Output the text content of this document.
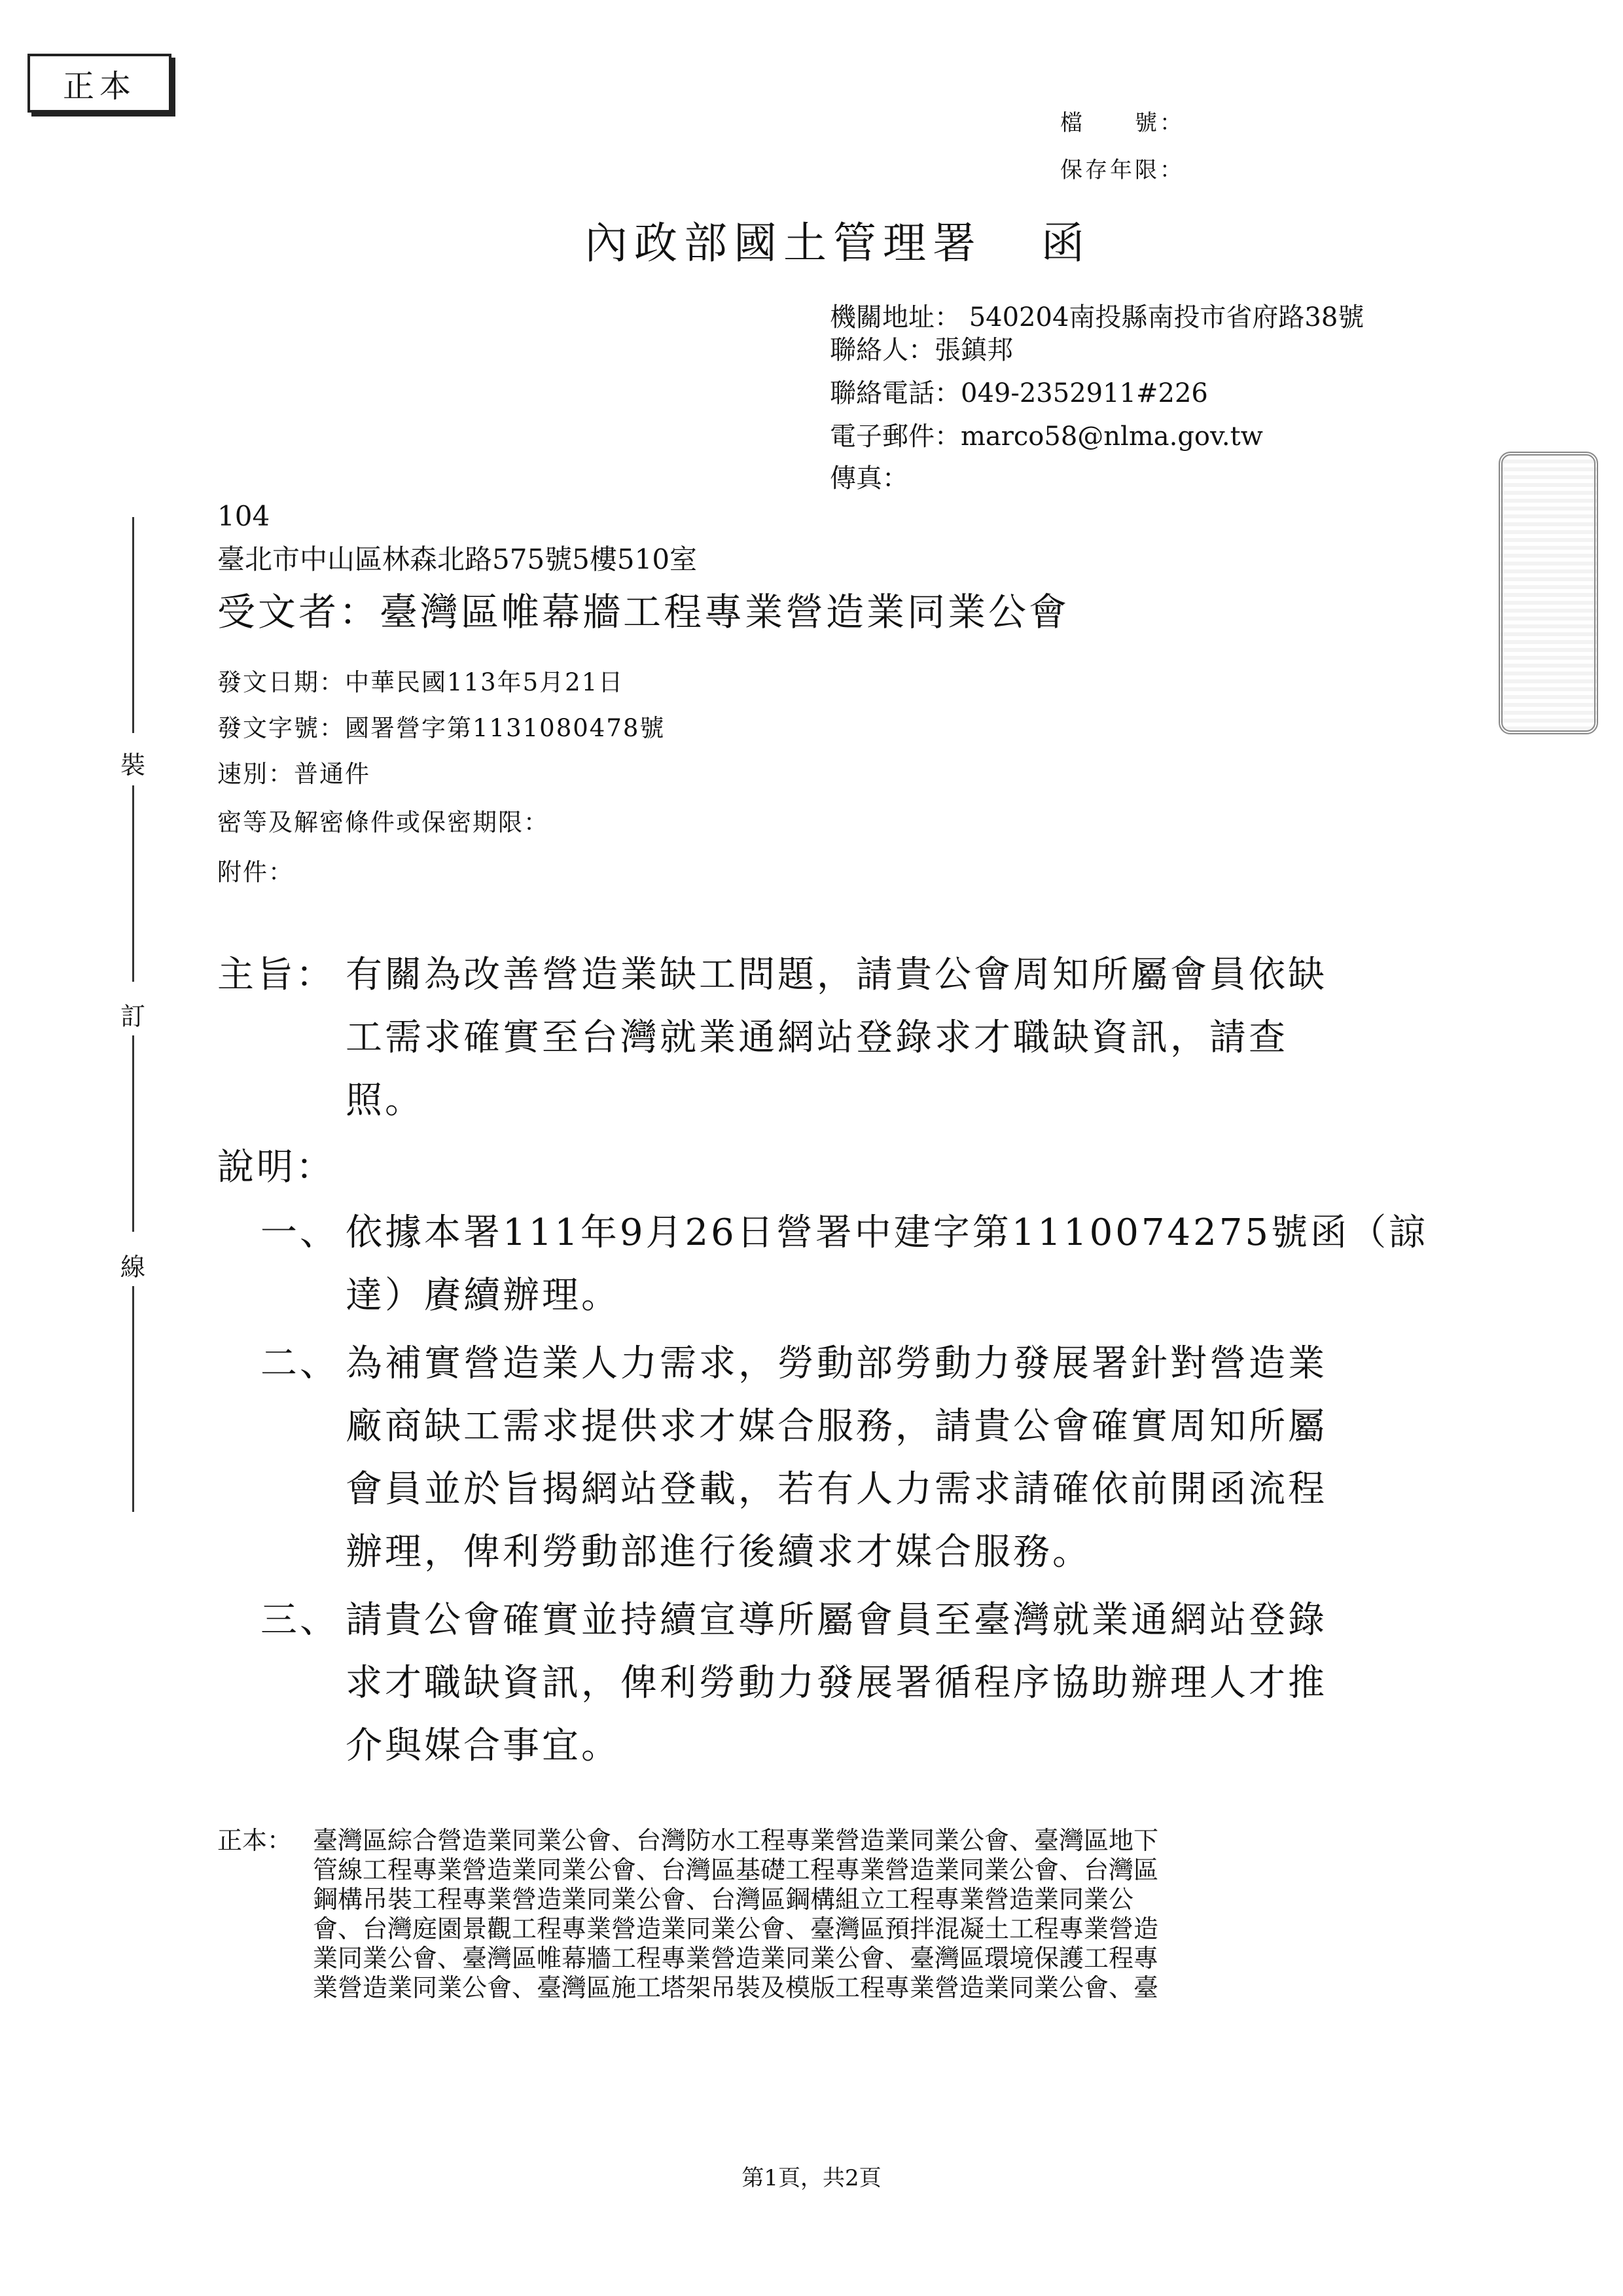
正本
檔　　號：
保存年限：
內政部國土管理署 函
機關地址： 540204南投縣南投市省府路38號
聯絡人：張鎮邦
聯絡電話：049-2352911#226
電子郵件：marco58@nlma.gov.tw
傳真：
裝
訂
線
104
臺北市中山區林森北路575號5樓510室
受文者：臺灣區帷幕牆工程專業營造業同業公會
發文日期：中華民國113年5月21日
發文字號：國署營字第1131080478號
速別：普通件
密等及解密條件或保密期限：
附件：
主旨： 有關為改善營造業缺工問題，請貴公會周知所屬會員依缺
工需求確實至台灣就業通網站登錄求才職缺資訊，請查
照。
說明：
一、 依據本署111年9月26日營署中建字第1110074275號函（諒
達）賡續辦理。
二、 為補實營造業人力需求，勞動部勞動力發展署針對營造業
廠商缺工需求提供求才媒合服務，請貴公會確實周知所屬
會員並於旨揭網站登載，若有人力需求請確依前開函流程
辦理，俾利勞動部進行後續求才媒合服務。
三、 請貴公會確實並持續宣導所屬會員至臺灣就業通網站登錄
求才職缺資訊，俾利勞動力發展署循程序協助辦理人才推
介與媒合事宜。
正本： 臺灣區綜合營造業同業公會、台灣防水工程專業營造業同業公會、臺灣區地下
管線工程專業營造業同業公會、台灣區基礎工程專業營造業同業公會、台灣區
鋼構吊裝工程專業營造業同業公會、台灣區鋼構組立工程專業營造業同業公
會、台灣庭園景觀工程專業營造業同業公會、臺灣區預拌混凝土工程專業營造
業同業公會、臺灣區帷幕牆工程專業營造業同業公會、臺灣區環境保護工程專
業營造業同業公會、臺灣區施工塔架吊裝及模版工程專業營造業同業公會、臺
第1頁，共2頁
